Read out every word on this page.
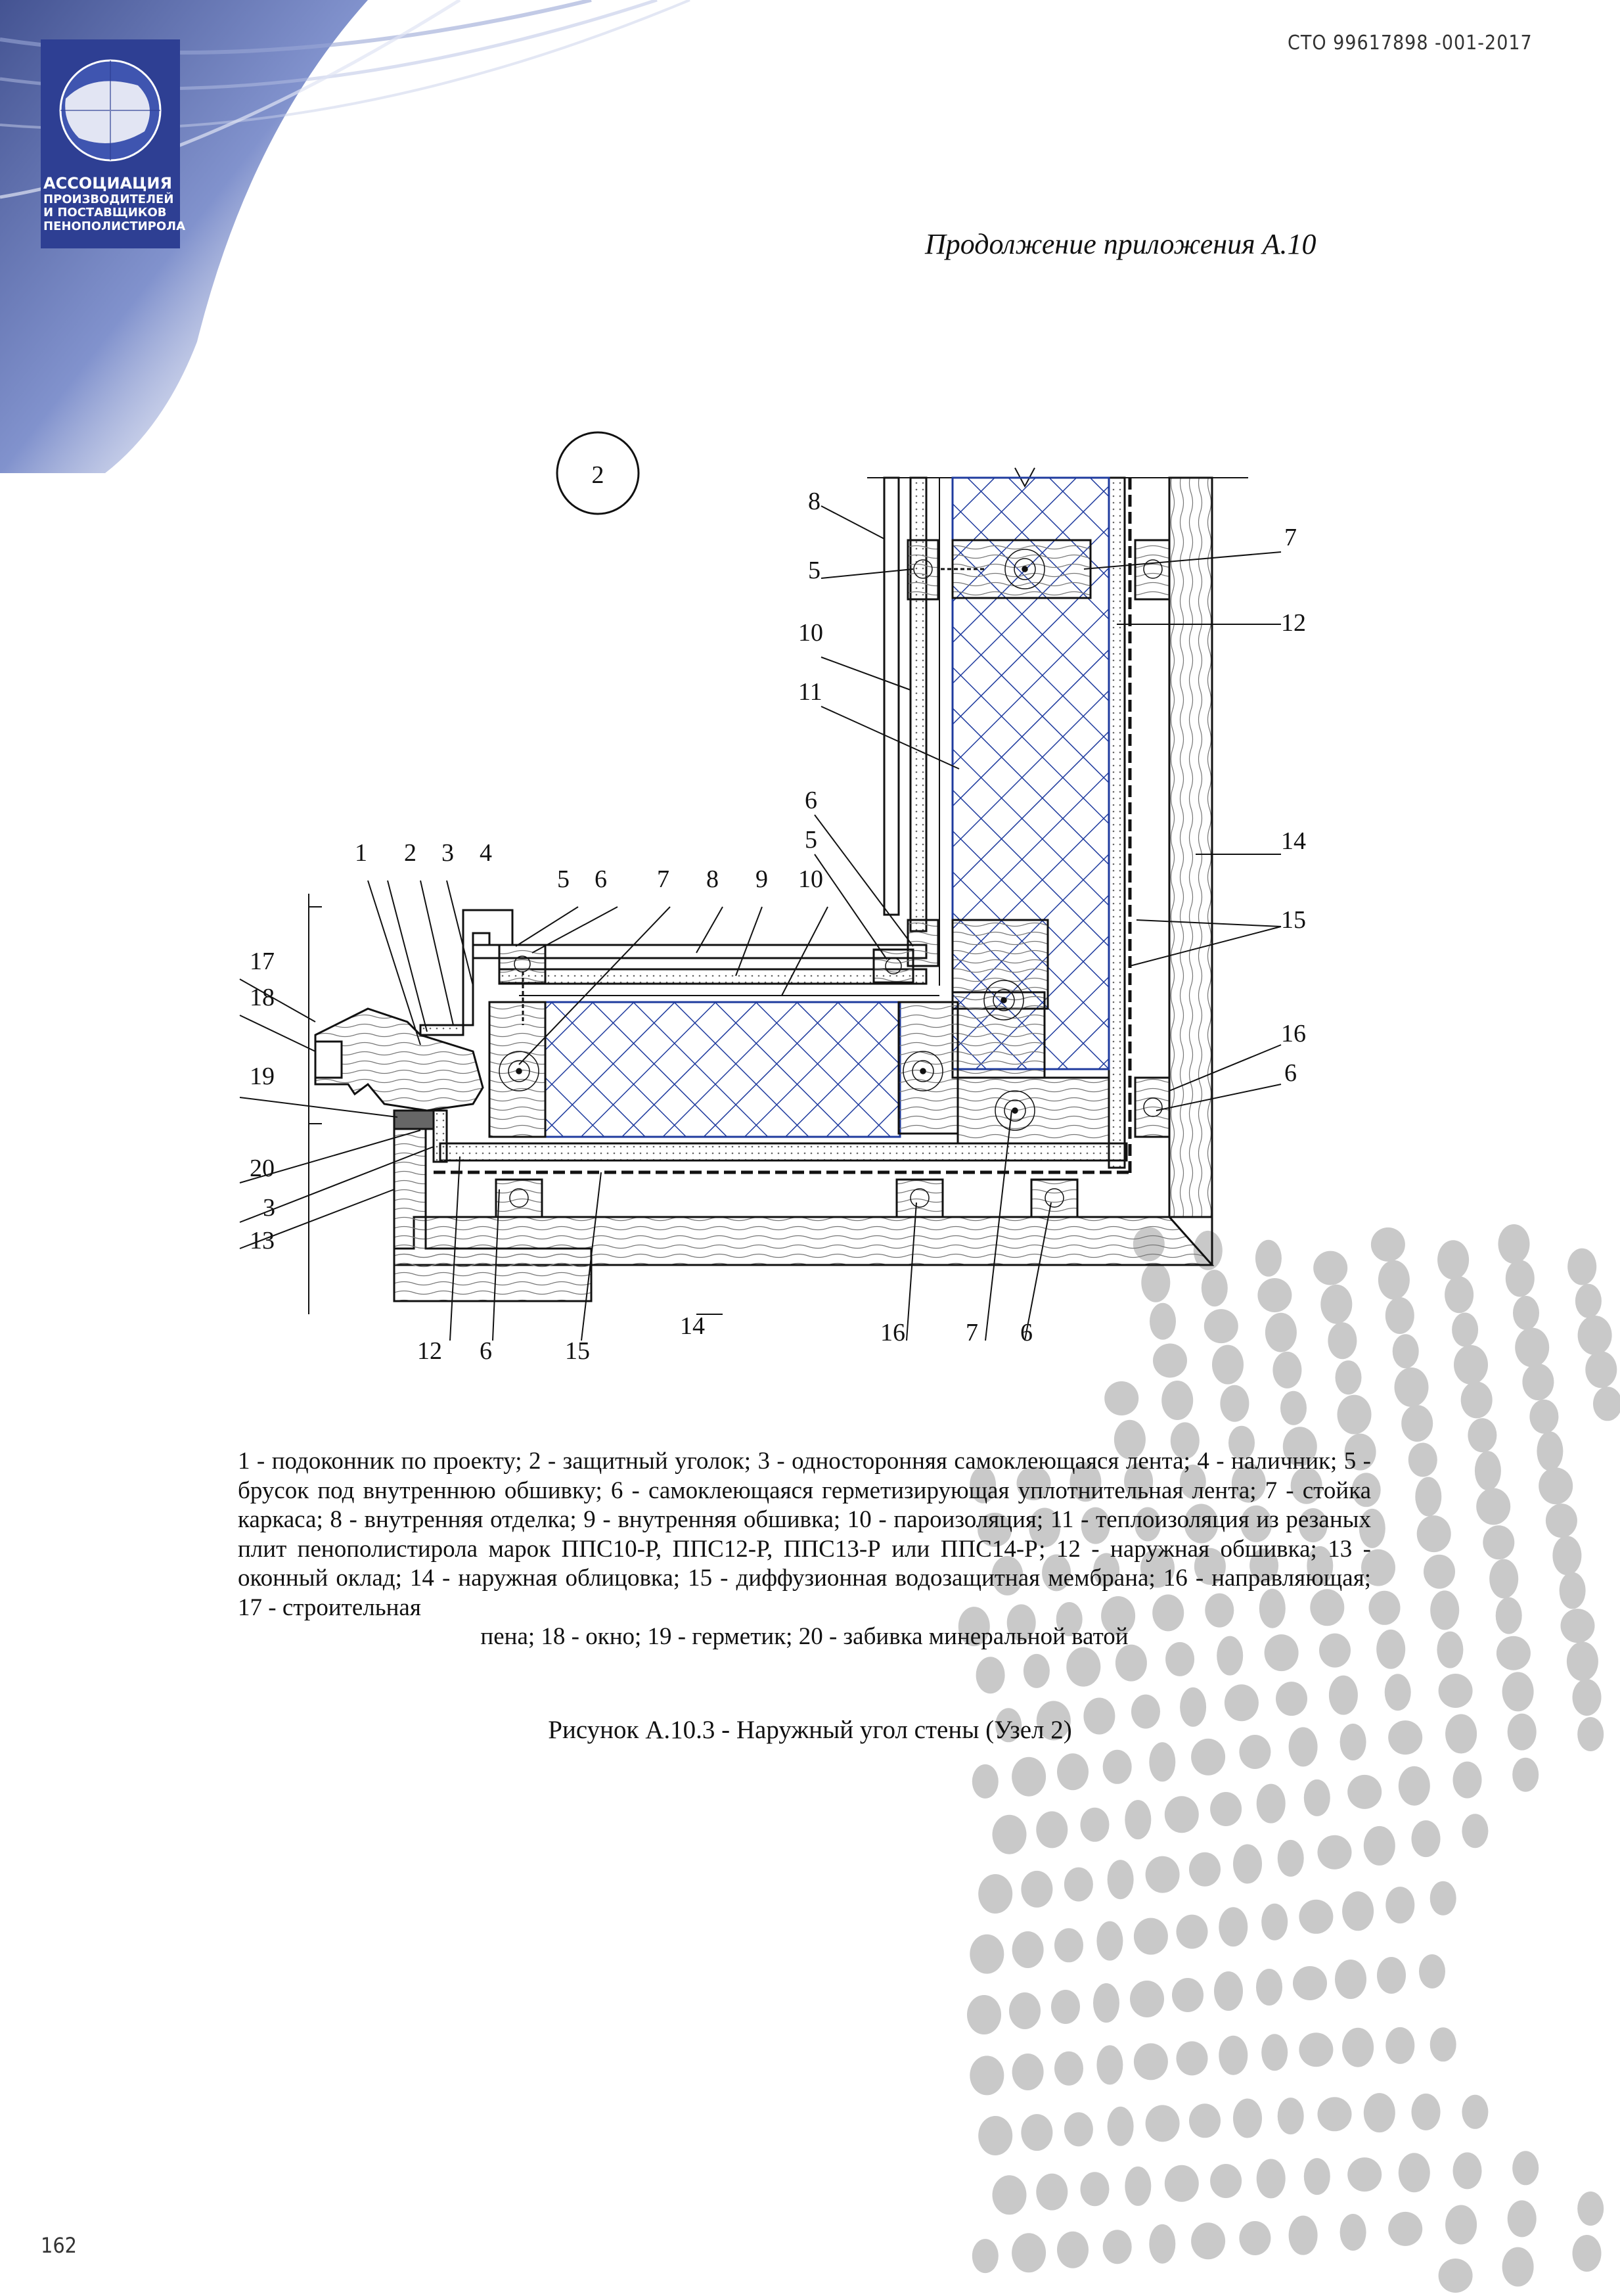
2
1 2 3 4
5 6 7 8 9 10
17
18
19
20
3
13
8
5
10
11
6
5
7
12
14
15
16
6
12 6	15
14	16 7 6
АССОЦИАЦИЯ
ПРОИЗВОДИТЕЛЕЙ
И ПОСТАВЩИКОВ
ПЕНОПОЛИСТИРОЛА
СТО 99617898 -001-2017
Продолжение приложения А.10
1 - подоконник по проекту; 2 - защитный уголок; 3 - односторонняя самоклеющаяся лента; 4 - наличник; 5 - брусок под внутреннюю обшивку; 6 - самоклеющаяся герметизирующая уплотнительная лента; 7 - стойка каркаса; 8 - внутренняя отделка; 9 - внутренняя обшивка; 10 - пароизоляция; 11 - теплоизоляция из резаных плит пенополистирола марок ППС10-Р, ППС12-Р, ППС13-Р или ППС14-Р; 12 - наружная обшивка; 13 - оконный оклад; 14 - наружная облицовка; 15 - диффузионная водозащитная мембрана; 16 - направляющая; 17 - строительная
пена; 18 - окно; 19 - герметик; 20 - забивка минеральной ватой
Рисунок А.10.3 - Наружный угол стены (Узел 2)
162
